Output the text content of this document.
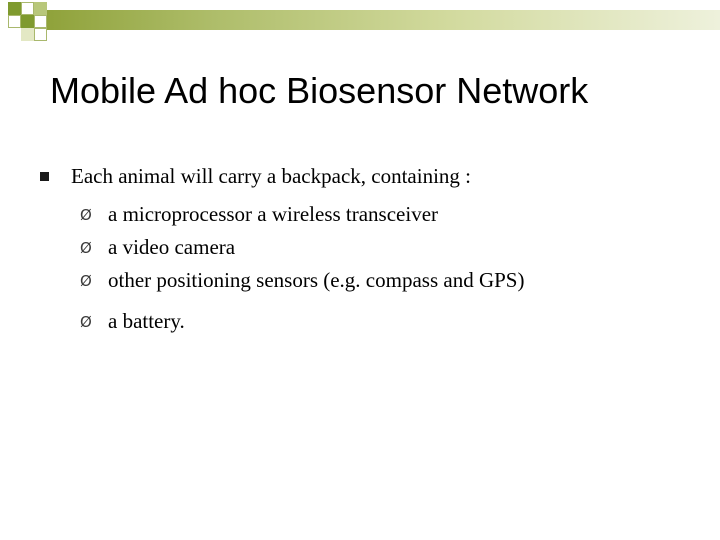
Mobile Ad hoc Biosensor Network
Each animal will carry a backpack, containing :
Ø a microprocessor a wireless transceiver
Ø a video camera
Ø other positioning sensors (e.g. compass and GPS)
Ø a battery.
